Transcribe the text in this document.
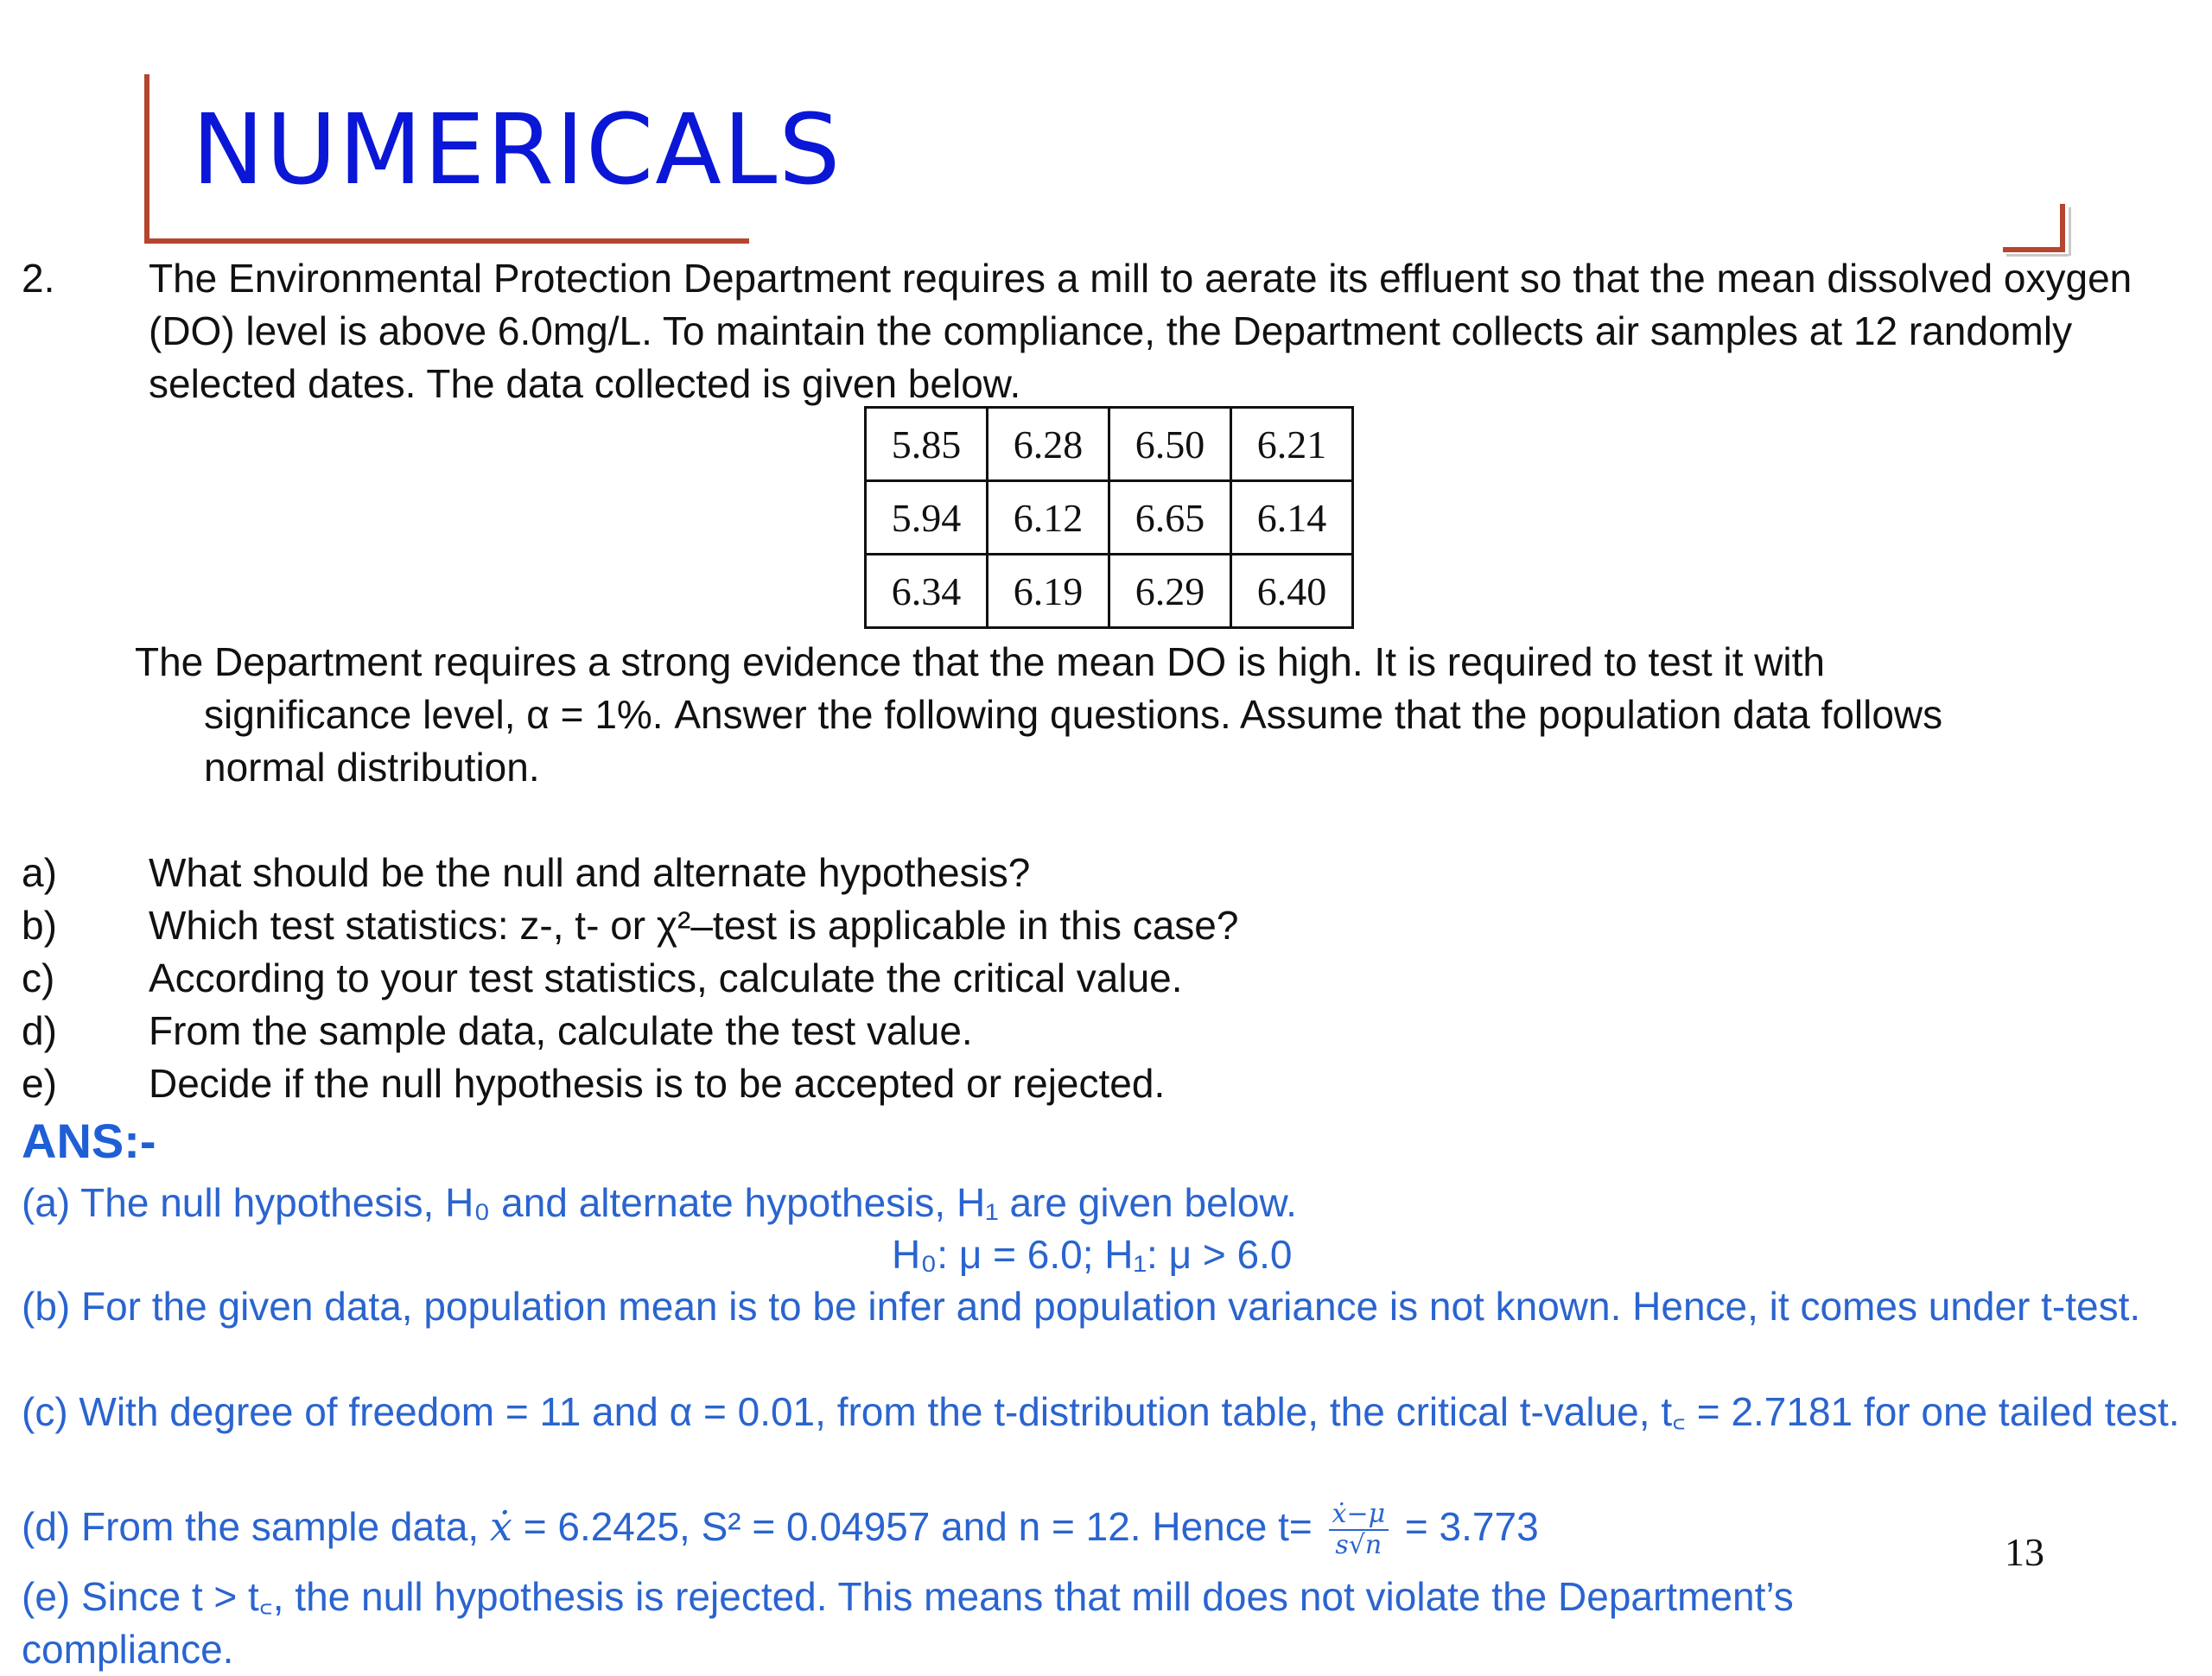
NUMERICALS
2. The Environmental Protection Department requires a mill to aerate its effluent so that the mean dissolved oxygen (DO) level is above 6.0mg/L. To maintain the compliance, the Department collects air samples at 12 randomly selected dates. The data collected is given below.
5.85	6.28	6.50	6.21
5.94	6.12	6.65	6.14
6.34	6.19	6.29	6.40
The Department requires a strong evidence that the mean DO is high. It is required to test it with
significance level, α = 1%. Answer the following questions. Assume that the population data follows
normal distribution.
a) What should be the null and alternate hypothesis?
b) Which test statistics: z-, t- or χ²–test is applicable in this case?
c) According to your test statistics, calculate the critical value.
d) From the sample data, calculate the test value.
e) Decide if the null hypothesis is to be accepted or rejected.
ANS:-
(a) The null hypothesis, H₀ and alternate hypothesis, H₁ are given below.
H₀: μ = 6.0; H₁: μ > 6.0
(b) For the given data, population mean is to be infer and population variance is not known. Hence, it comes under t-test.
(c) With degree of freedom = 11 and α = 0.01, from the t-distribution table, the critical t-value, t꜀ = 2.7181 for one tailed test.
(d) From the sample data, ẋ = 6.2425, S² = 0.04957 and n = 12. Hence $t= \frac{\text{ẋ−μ}}{s√n} = 3.773$
(e) Since t > t꜀, the null hypothesis is rejected. This means that mill does not violate the Department’s compliance.
13
